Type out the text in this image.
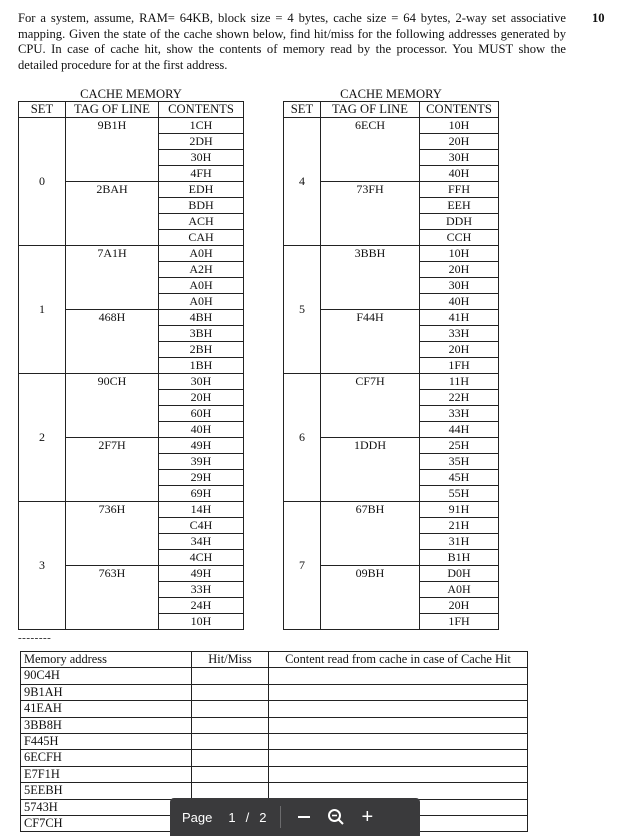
For a system, assume, RAM= 64KB, block size = 4 bytes, cache size = 64 bytes, 2-way set associative mapping. Given the state of the cache shown below, find hit/miss for the following addresses generated by CPU. In case of cache hit, show the contents of memory read by the processor. You MUST show the detailed procedure for at the first address.
10
CACHE MEMORY
SET	TAG OF LINE	CONTENTS
0	9B1H	1CH
		2DH
		30H
		4FH
	2BAH	EDH
		BDH
		ACH
		CAH
1	7A1H	A0H
		A2H
		A0H
		A0H
	468H	4BH
		3BH
		2BH
		1BH
2	90CH	30H
		20H
		60H
		40H
	2F7H	49H
		39H
		29H
		69H
3	736H	14H
		C4H
		34H
		4CH
	763H	49H
		33H
		24H
		10H
CACHE MEMORY
SET	TAG OF LINE	CONTENTS
4	6ECH	10H
		20H
		30H
		40H
	73FH	FFH
		EEH
		DDH
		CCH
5	3BBH	10H
		20H
		30H
		40H
	F44H	41H
		33H
		20H
		1FH
6	CF7H	11H
		22H
		33H
		44H
	1DDH	25H
		35H
		45H
		55H
7	67BH	91H
		21H
		31H
		B1H
	09BH	D0H
		A0H
		20H
		1FH
--------
Memory address	Hit/Miss	Content read from cache in case of Cache Hit
90C4H		
9B1AH		
41EAH		
3BB8H		
F445H		
6ECFH		
E7F1H		
5EEBH		
5743H		
CF7CH			Page 1 / 2	+
